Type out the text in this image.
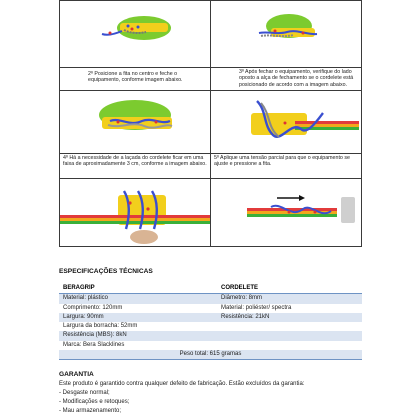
2º Posicione a fita no centro e feche o equipamento, conforme imagem abaixo.
3º Após fechar o equipamento, verifique do lado oposto a alça de fechamento se o cordelete está posicionado de acordo com a imagem abaixo.
4º Há a necessidade de a laçada do cordelete ficar em uma faixa de aproximadamente 3 cm, conforme a imagem abaixo.
5º Aplique uma tensão parcial para que o equipamento se ajuste e pressione a fita.
ESPECIFICAÇÕES TÉCNICAS
BERAGRIP	CORDELETE
Material: plástico	Diâmetro: 8mm
Comprimento: 120mm	Material: poliéster/ spectra
Largura: 90mm	Resistência: 21kN
Largura da borracha: 52mm	
Resistência (MBS): 8kN	
Marca: Bera Slacklines	
Peso total: 615 gramas	
GARANTIA
Este produto é garantido contra qualquer defeito de fabricação. Estão excluídos da garantia:
- Desgaste normal;
- Modificações e retoques;
- Mau armazenamento;
